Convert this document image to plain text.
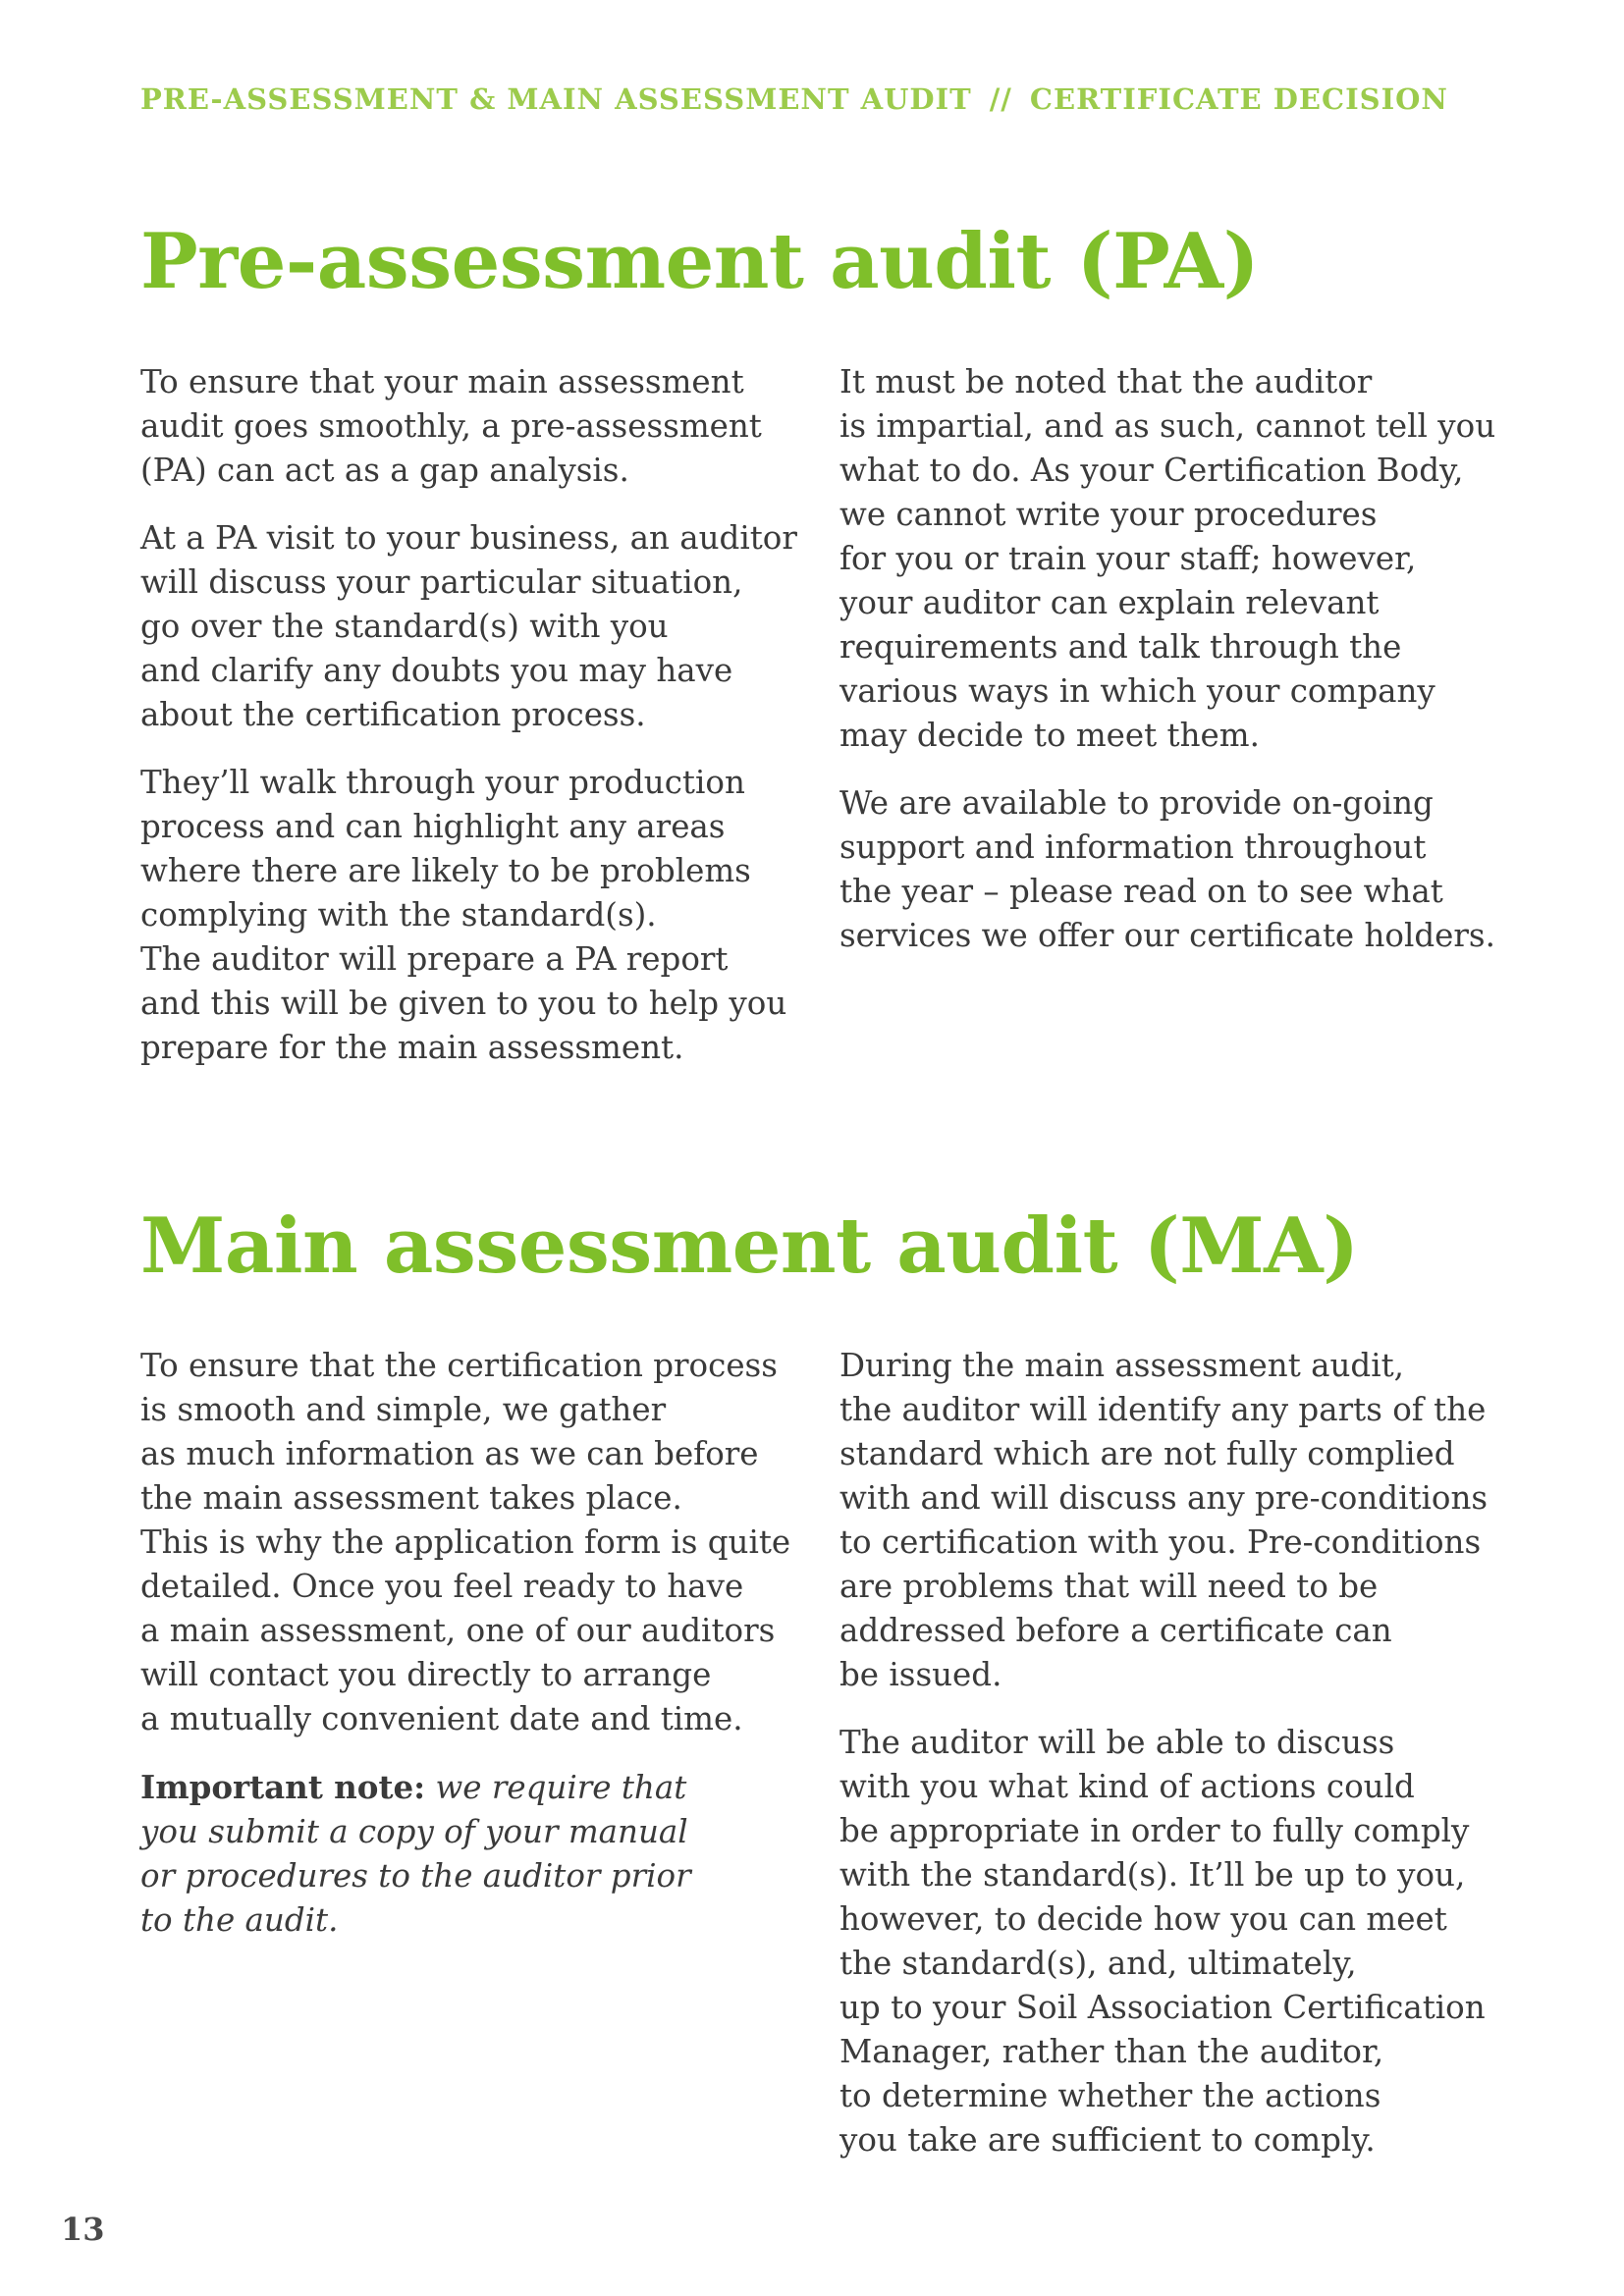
PRE-ASSESSMENT & MAIN ASSESSMENT AUDIT // CERTIFICATE DECISION
Pre-assessment audit (PA)

To ensure that your main assessment
audit goes smoothly, a pre-assessment
(PA) can act as a gap analysis.

At a PA visit to your business, an auditor
will discuss your particular situation,
go over the standard(s) with you
and clarify any doubts you may have
about the certification process.

They’ll walk through your production
process and can highlight any areas
where there are likely to be problems
complying with the standard(s).
The auditor will prepare a PA report
and this will be given to you to help you
prepare for the main assessment.

It must be noted that the auditor
is impartial, and as such, cannot tell you
what to do. As your Certification Body,
we cannot write your procedures
for you or train your staff; however,
your auditor can explain relevant
requirements and talk through the
various ways in which your company
may decide to meet them.

We are available to provide on-going
support and information throughout
the year – please read on to see what
services we offer our certificate holders.

Main assessment audit (MA)

To ensure that the certification process
is smooth and simple, we gather
as much information as we can before
the main assessment takes place.
This is why the application form is quite
detailed. Once you feel ready to have
a main assessment, one of our auditors
will contact you directly to arrange
a mutually convenient date and time.

Important note: we require that
you submit a copy of your manual
or procedures to the auditor prior
to the audit.

During the main assessment audit,
the auditor will identify any parts of the
standard which are not fully complied
with and will discuss any pre-conditions
to certification with you. Pre-conditions
are problems that will need to be
addressed before a certificate can
be issued.

The auditor will be able to discuss
with you what kind of actions could
be appropriate in order to fully comply
with the standard(s). It’ll be up to you,
however, to decide how you can meet
the standard(s), and, ultimately,
up to your Soil Association Certification
Manager, rather than the auditor,
to determine whether the actions
you take are sufficient to comply.

13
